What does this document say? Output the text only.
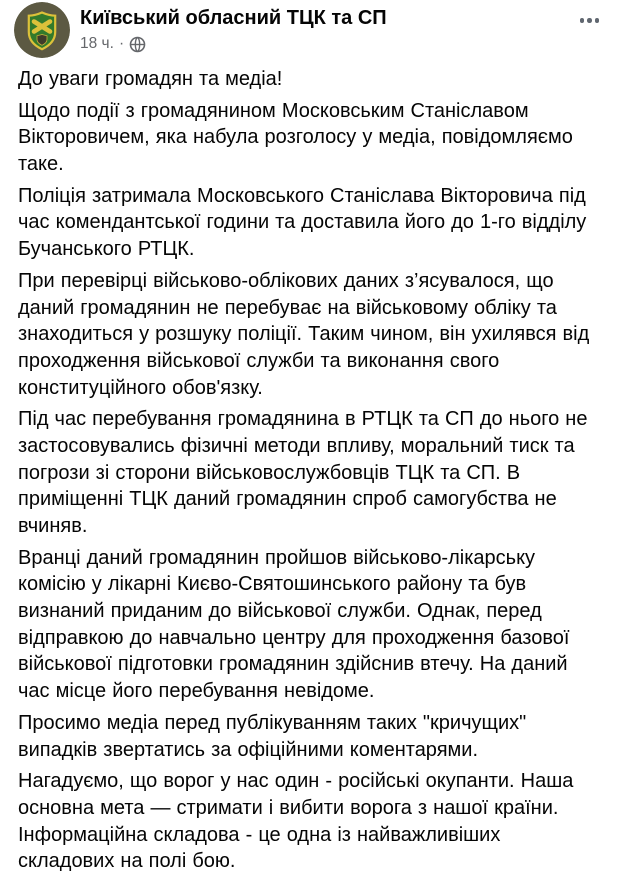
Київський обласний ТЦК та СП
18 ч. ·

До уваги громадян та медіа!

Щодо події з громадянином Московським Станіславом Вікторовичем, яка набула розголосу у медіа, повідомляємо таке.

Поліція затримала Московського Станіслава Вікторовича під час комендантської години та доставила його до 1-го відділу Бучанського РТЦК.

При перевірці військово-облікових даних з’ясувалося, що даний громадянин не перебуває на військовому обліку та знаходиться у розшуку поліції. Таким чином, він ухилявся від проходження військової служби та виконання свого конституційного обов'язку.

Під час перебування громадянина в РТЦК та СП до нього не застосовувались фізичні методи впливу, моральний тиск та погрози зі сторони військовослужбовців ТЦК та СП. В приміщенні ТЦК даний громадянин спроб самогубства не вчиняв.

Вранці даний громадянин пройшов військово-лікарську комісію у лікарні Києво-Святошинського району та був визнаний приданим до військової служби. Однак, перед відправкою до навчально центру для проходження базової військової підготовки громадянин здійснив втечу. На даний час місце його перебування невідоме.

Просимо медіа перед публікуванням таких "кричущих" випадків звертатись за офіційними коментарями.

Нагадуємо, що ворог у нас один - російські окупанти. Наша основна мета — стримати і вибити ворога з нашої країни. Інформаційна складова - це одна із найважливіших складових на полі бою.
